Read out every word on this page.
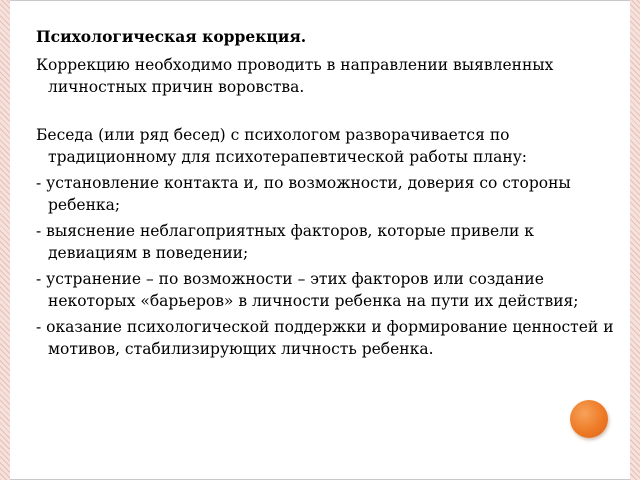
Психологическая коррекция.
Коррекцию необходимо проводить в направлении выявленных личностных причин воровства.
Беседа (или ряд бесед) с психологом разворачивается по традиционному для психотерапевтической работы плану:
- установление контакта и, по возможности, доверия со стороны ребенка;
- выяснение неблагоприятных факторов, которые привели к девиациям в поведении;
- устранение – по возможности – этих факторов или создание некоторых «барьеров» в личности ребенка на пути их действия;
- оказание психологической поддержки и формирование ценностей и мотивов, стабилизирующих личность ребенка.
